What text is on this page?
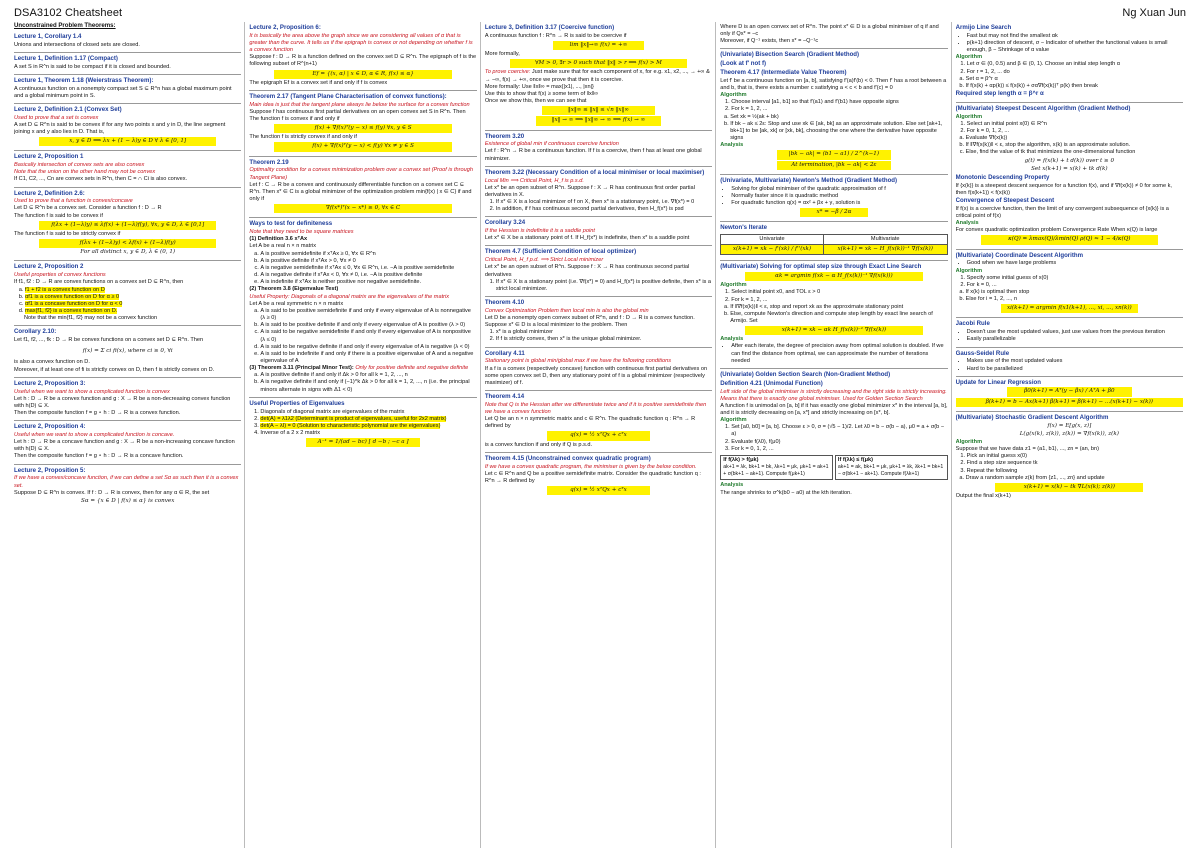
DSA3102 Cheatsheet	Ng Xuan Jun
Unconstrained Problem Theorems:
Lecture 1, Corollary 1.4
Unions and intersections of closed sets are closed.
Lecture 1, Definition 1.17 (Compact)
A set S in R^n is said to be compact if it is closed and bounded.
Lecture 1, Theorem 1.18 (Weierstrass Theorem):
A continuous function on a nonempty compact set S ⊆ R^n has a global maximum point and a global minimum point in S.
Lecture 2, Definition 2.1 (Convex Set)
Used to prove that a set is convex
A set D ⊆ R^n is said to be convex if for any two points x and y in D, the line segment joining x and y also lies in D. That is,
x, y ∈ D ⟹ λx + (1 − λ)y ∈ D ∀ λ ∈ [0, 1]
Lecture 2, Proposition 1
Basically intersection of convex sets are also convex
Note that the union on the other hand may not be convex
If C1, C2, ..., Cn are convex sets in R^n, then C = ∩ Ci is also convex.
Lecture 2, Definition 2.6:
Used to prove that a function is convex/concave
Let D ⊆ R^n be a convex set. Consider a function f : D → R
The function f is said to be convex if
f(λx + (1−λ)y) ≤ λf(x) + (1−λ)f(y), ∀x, y ∈ D, λ ∈ [0,1]
The function f is said to be strictly convex if
f(λx + (1−λ)y) < λf(x) + (1−λ)f(y)
For all distinct x, y ∈ D, λ ∈ (0, 1)
Lecture 2, Proposition 2
Useful properties of convex functions
If f1, f2 : D → R are convex functions on a convex set D ⊆ R^n, then
a. f1 + f2 is a convex function on D
b. αf1 is a convex function on D for α ≥ 0
c. αf1 is a concave function on D for α < 0
d. max{f1, f2} is a convex function on D.
Note that the min{f1, f2} may not be a convex function
Corollary 2.10:
Let f1, f2, ..., fk : D → R be convex functions on a convex set D ⊆ R^n. Then
f(x) = Σ ci fi(x), where ci ≥ 0, ∀i
is also a convex function on D.
Moreover, if at least one of fi is strictly convex on D, then f is strictly convex on D.
Lecture 2, Proposition 3:
Useful when we want to show a complicated function is convex
Let h : D → R be a convex function and g : X → R be a non-decreasing convex function with h(D) ⊆ X.
Then the composite function f = g ∘ h : D → R is a convex function.
Lecture 2, Proposition 4:
Useful when we want to show a complicated function is concave.
Let h : D → R be a concave function and g : X → R be a non-increasing concave function with h(D) ⊆ X.
Then the composite function f = g ∘ h : D → R is a concave function.
Lecture 2, Proposition 5:
If we have a convex/concave function, if we can define a set Sα as such then it is a convex set.
Suppose D ⊆ R^n is convex. If f : D → R is convex, then for any α ∈ R, the set
Sα = {x ∈ D | f(x) ≤ α} is convex
Lecture 2, Proposition 6:
It is basically the area above the graph since we are considering all values of α that is greater than the curve. It tells us if the epigraph is convex or not depending on whether f is a convex function
Suppose f : D → R is a function defined on the convex set D ⊆ R^n. The epigraph of f is the following subset of R^(n+1)
Ef = {(x, α) | x ∈ D, α ∈ R, f(x) ≤ α}
The epigraph Ef is a convex set if and only if f is convex
Theorem 2.17 (Tangent Plane Characterisation of convex functions):
Main idea is just that the tangent plane always lie below the surface for a convex function
Suppose f has continuous first partial derivatives on an open convex set S in R^n. Then
The function f is convex if and only if
f(x) + ∇f(x)ᵀ(y − x) ≤ f(y) ∀x, y ∈ S
The function f is strictly convex if and only if
f(x) + ∇f(x)ᵀ(y − x) < f(y) ∀x ≠ y ∈ S
Theorem 2.19
Optimality condition for a convex minimization problem over a convex set (Proof is through Tangent Plane)
Let f : C → R be a convex and continuously differentiable function on a convex set C ⊆ R^n. Then x* ∈ C is a global minimizer of the optimization problem min{f(x) | x ∈ C} if and only if
∇f(x*)ᵀ(x − x*) ≥ 0, ∀x ∈ C
Ways to test for definiteness
Note that they need to be square matrices
(1) Definition 3.6 xᵀAx
Let A be a real n × n matrix
a. A is positive semidefinite if xᵀAx ≥ 0, ∀x ∈ R^n
b. A is positive definite if xᵀAx > 0, ∀x ≠ 0
c. A is negative semidefinite if xᵀAx ≤ 0, ∀x ∈ R^n, i.e. −A is positive semidefinite
d. A is negative definite if xᵀAx < 0, ∀x ≠ 0, i.e. −A is positive definite
e. A is indefinite if xᵀAx is neither positive nor negative semidefinite.
(2) Theorem 3.8 (Eigenvalue Test)
Useful Property: Diagonals of a diagonal matrix are the eigenvalues of the matrix
Let A be a real symmetric n × n matrix
a. A is said to be positive semidefinite if and only if every eigenvalue of A is nonnegative (λ ≥ 0)
b. A is said to be positive definite if and only if every eigenvalue of A is positive (λ > 0)
c. A is said to be negative semidefinite if and only if every eigenvalue of A is nonpositive (λ ≤ 0)
d. A is said to be negative definite if and only if every eigenvalue of A is negative (λ < 0)
e. A is said to be indefinite if and only if there is a positive eigenvalue of A and a negative eigenvalue of A
(3) Theorem 3.11 (Principal Minor Test): Only for positive definite and negative definite
a. A is positive definite if and only if Δk > 0 for all k = 1, 2, ..., n
b. A is negative definite if and only if (−1)^k Δk > 0 for all k = 1, 2, ..., n (i.e. the principal minors alternate in signs with Δ1 < 0)
Useful Properties of Eigenvalues
1. Diagonals of diagonal matrix are eigenvalues of the matrix
2. det(A) = λ1λ2 (Determinant is product of eigenvalues, useful for 2x2 matrix)
3. det(A − λI) = 0 (Solution to characteristic polynomial are the eigenvalues)
4. Inverse of a 2 x 2 matrix
A⁻¹ = 1/(ad − bc) [ d −b ; −c a ]
Lecture 3, Definition 3.17 (Coercive function)
A continuous function f : R^n → R is said to be coercive if
lim ‖x‖→∞ f(x) = +∞
More formally,
∀M > 0, ∃r > 0 such that ‖x‖ > r ⟹ f(x) > M
To prove coercive: Just make sure that for each component of x, for e.g. x1, x2, ..., → +∞ & → −∞, f(x) → +∞, once we prove that then it is coercive.
More formally: Use ‖x‖∞ = max{|x1|, ..., |xn|}
Use this to show that f(x) ≥ some term of ‖x‖∞
Once we show this, then we can see that
‖x‖∞ ≤ ‖x‖ ≤ √n ‖x‖∞
‖x‖ → ∞ ⟹ ‖x‖∞ → ∞ ⟹ f(x) → ∞
Theorem 3.20
Existence of global min if continuous coercive function
Let f : R^n → R be a continuous function. If f is a coercive, then f has at least one global minimizer.
Theorem 3.22 (Necessary Condition of a local minimiser or local maximiser)
Local Min ⟹ Critical Point, H_f is p.s.d.
Let x* be an open subset of R^n. Suppose f : X → R has continuous first order partial derivatives in X.
1. If x* ∈ X is a local minimizer of f on X, then x* is a stationary point, i.e. ∇f(x*) = 0
2. In addition, if f has continuous second partial derivatives, then H_f(x*) is psd
Corollary 3.24
If the Hessian is indefinite it is a saddle point
Let x* ∈ X be a stationary point of f. If H_f(x*) is indefinite, then x* is a saddle point
Theorem 4.7 (Sufficient Condition of local optimizer)
Critical Point, H_f p.d. ⟹ Strict Local minimizer
Let x* be an open subset of R^n. Suppose f : X → R has continuous second partial derivatives
1. If x* ∈ X is a stationary point (i.e. ∇f(x*) = 0) and H_f(x*) is positive definite, then x* is a strict local minimizer.
Theorem 4.10
Convex Optimization Problem then local min is also the global min
Let D be a nonempty open convex subset of R^n, and f : D → R is a convex function.
Suppose x* ∈ D is a local minimizer to the problem. Then
1. x* is a global minimizer
2. If f is strictly convex, then x* is the unique global minimizer.
Corollary 4.11
Stationary point is global min/global max if we have the following conditions
If a f is a convex (respectively concave) function with continuous first partial derivatives on some open convex set D, then any stationary point of f is a global minimizer (respectively maximizer) of f.
Theorem 4.14
Note that Q is the Hessian after we differentiate twice and if it is positive semidefinite then we have a convex function
Let Q be an n × n symmetric matrix and c ∈ R^n. The quadratic function q : R^n → R defined by
q(x) = ½ xᵀQx + cᵀx
is a convex function if and only if Q is p.s.d.
Theorem 4.15 (Unconstrained convex quadratic program)
If we have a convex quadratic program, the minimiser is given by the below condition.
Let c ∈ R^n and Q be a positive semidefinite matrix. Consider the quadratic function q : R^n → R defined by
q(x) = ½ xᵀQx + cᵀx
Where D is an open convex set of R^n. The point x* ∈ D is a global minimiser of q if and only if Qx* = −c
Moreover, if Q⁻¹ exists, then x* = −Q⁻¹c
(Univariate) Bisection Search (Gradient Method)
(Look at f' not f)
Theorem 4.17 (Intermediate Value Theorem)
Let f' be a continuous function on [a, b], satisfying f'(a)f'(b) < 0. Then f' has a root between a and b, that is, there exists a number c satisfying a < c < b and f'(c) = 0
Algorithm
1. Choose interval [a1, b1] so that f'(a1) and f'(b1) have opposite signs
2. For k = 1, 2, ...
a. Set xk = ½(ak + bk)
b. If bk − ak ≤ 2ε: Stop and use xk ∈ [ak, bk] as an approximate solution. Else set [ak+1, bk+1] to be [ak, xk] or [xk, bk], choosing the one where the derivative have opposite signs
Analysis
|bk − ak| = (b1 − a1) / 2^(k−1)
At termination, |bk − ak| < 2ε
(Univariate, Multivariate) Newton's Method (Gradient Method)
• Solving for global minimiser of the quadratic approximation of f
• Normally faster since it is quadratic method
• For quadratic function q(x) = αx² + βx + γ, solution is
x* = −β / 2α
Newton's Iterate
Univariate	Multivariate
x(k+1) = xk − f'(xk) / f''(xk)	x(k+1) = xk − H_f(x(k))⁻¹ ∇f(x(k))
(Multivariate) Solving for optimal step size through Exact Line Search
αk = argmin f(xk − α H_f(x(k))⁻¹ ∇f(x(k)))
Algorithm
1. Select initial point x0, and TOL ε > 0
2. For k = 1, 2, ...
a. If ‖∇f(x(k))‖ < ε, stop and report xk as the approximate stationary point
b. Else, compute Newton's direction and compute step length by exact line search of Armijo. Set
x(k+1) = xk − αk H_f(x(k))⁻¹ ∇f(x(k))
Analysis
• After each iterate, the degree of precision away from optimal solution is doubled. If we can find the distance from optimal, we can approximate the number of iterations needed
(Univariate) Golden Section Search (Non-Gradient Method)
Definition 4.21 (Unimodal Function)
Left side of the global minimiser is strictly decreasing and the right side is strictly increasing. Means that there is exactly one global minimiser. Used for Golden Section Search
A function f is unimodal on [a, b] if it has exactly one global minimizer x* in the interval [a, b], and it is strictly decreasing on [a, x*] and strictly increasing on [x*, b].
Algorithm
1. Set [a0, b0] = [a, b]. Choose ε > 0, σ = (√5 − 1)/2. Let λ0 = b − σ(b − a), μ0 = a + σ(b − a)
2. Evaluate f(λ0), f(μ0)
3. For k = 0, 1, 2, ...
If f(λk) > f(μk)
ak+1 = λk, bk+1 = bk, λk+1 = μk, μk+1 = ak+1 + σ(bk+1 − ak+1). Compute f(μk+1)
If f(λk) ≤ f(μk)
ak+1 = ak, bk+1 = μk, μk+1 = λk, λk+1 = bk+1 − σ(bk+1 − ak+1). Compute f(λk+1)
Analysis
The range shrinks to σ^k(b0 − a0) at the kth iteration.
Armijo Line Search
• Fast but may not find the smallest αk
• p(k+1) direction of descent, σ − Indicator of whether the functional values is small enough, β − Shrinkage of α value
Algorithm
1. Let σ ∈ (0, 0.5) and β ∈ (0, 1). Choose an initial step length α
2. For r = 1, 2, ... do
a. Set α = β^r α
b. If f(x(k) + αp(k)) ≤ f(x(k)) + σα∇f(x(k))ᵀ p(k) then break
Required step length α = β^r α
(Multivariate) Steepest Descent Algorithm (Gradient Method)
Algorithm
1. Select an initial point x(0) ∈ R^n
2. For k = 0, 1, 2, ...
a. Evaluate ∇f(x(k))
b. If ‖∇f(x(k))‖ < ε, stop the algorithm, x(k) is an approximate solution.
c. Else, find the value of tk that minimizes the one-dimensional function
g(t) = f(x(k) + t d(k)) over t ≥ 0
Set x(k+1) = x(k) + tk d(k)
Monotonic Descending Property
If {x(k)} is a steepest descent sequence for a function f(x), and if ∇f(x(k)) ≠ 0 for some k, then f(x(k+1)) < f(x(k))
Convergence of Steepest Descent
If f(x) is a coercive function, then the limit of any convergent subsequence of {x(k)} is a critical point of f(x)
Analysis
For convex quadratic optimization problem Convergence Rate When κ(Q) is large
κ(Q) = λmax(Q)/λmin(Q) ρ(Q) ≈ 1 − 4/κ(Q)
(Multivariate) Coordinate Descent Algorithm
• Good when we have large problems
Algorithm
1. Specify some initial guess of x(0)
2. For k = 0, ...
a. If x(k) is optimal then stop
b. Else for i = 1, 2, ..., n
xi(k+1) = argmin f(x1(k+1), ..., xi, ..., xn(k))
Jacobi Rule
• Doesn't use the most updated values, just use values from the previous iteration
• Easily parallelizable
Gauss-Seidel Rule
• Makes use of the most updated values
• Hard to be parallelized
Update for Linear Regression
β0(k+1) = Aᵀ(y − βx) / AᵀA + β0
β(k+1) = b − Ax(k+1) β(k+1) = β(k+1) − ...(x(k+1) − x(k))
(Multivariate) Stochastic Gradient Descent Algorithm
f(x) = E[g(x, z)]
L(g(x(k), z(k)), z(k)) = ∇f(x(k)), z(k)
Algorithm
Suppose that we have data z1 = (a1, b1), ..., zn = (an, bn)
1. Pick an initial guess x(0)
2. Find a step size sequence tk
3. Repeat the following
a. Draw a random sample z(k) from {z1, ..., zn} and update
x(k+1) = x(k) − tk ∇L(x(k); z(k))
Output the final x(k+1)
